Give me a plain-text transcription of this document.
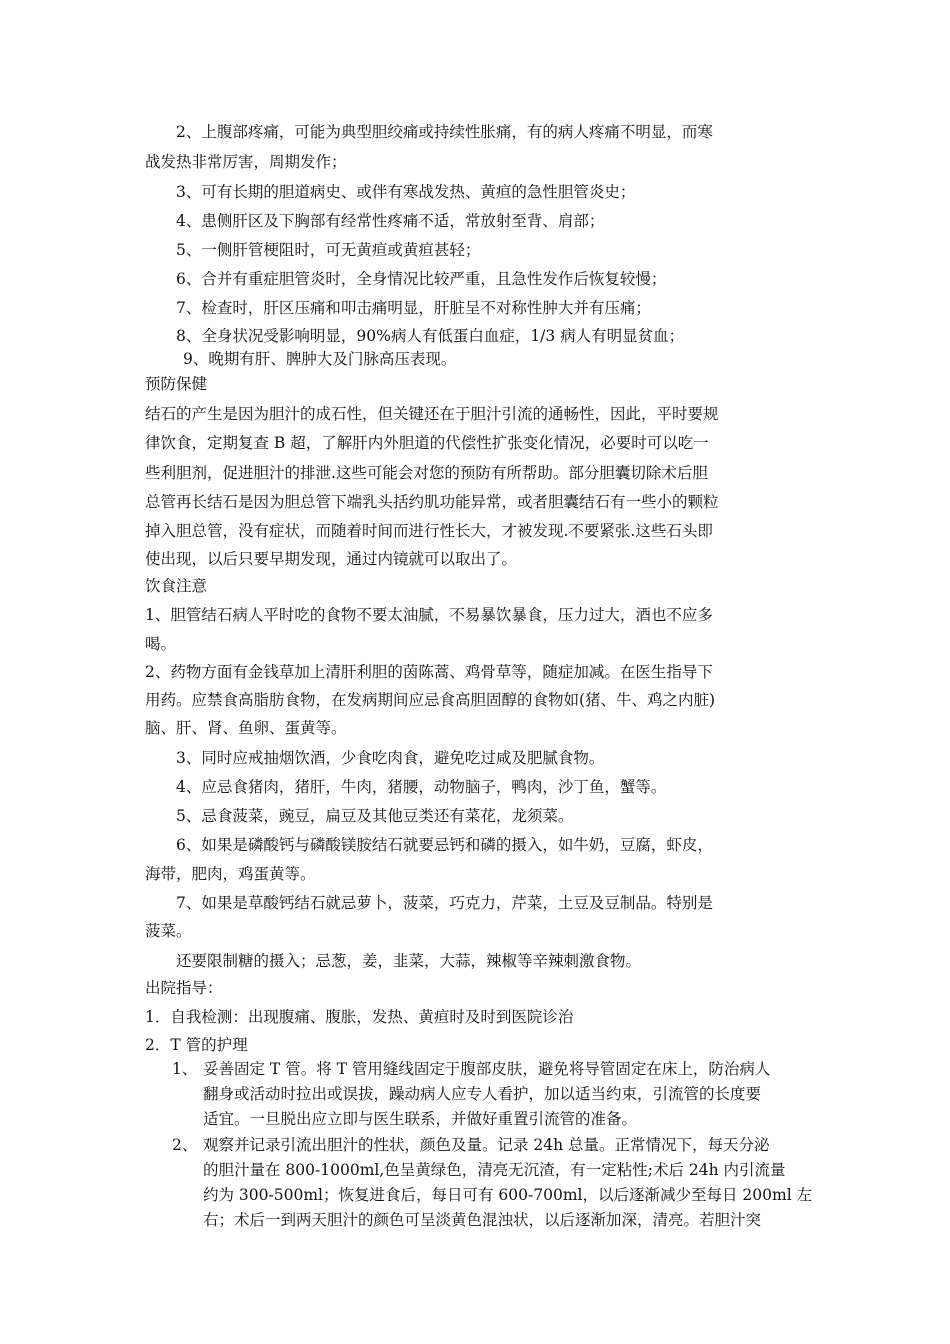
2、上腹部疼痛，可能为典型胆绞痛或持续性胀痛，有的病人疼痛不明显，而寒
战发热非常厉害，周期发作；
3、可有长期的胆道病史、或伴有寒战发热、黄疸的急性胆管炎史；
4、患侧肝区及下胸部有经常性疼痛不适，常放射至背、肩部；
5、一侧肝管梗阻时，可无黄疸或黄疸甚轻；
6、合并有重症胆管炎时，全身情况比较严重，且急性发作后恢复较慢；
7、检查时，肝区压痛和叩击痛明显，肝脏呈不对称性肿大并有压痛；
8、全身状况受影响明显，90%病人有低蛋白血症，1/3 病人有明显贫血；
9、晚期有肝、脾肿大及门脉高压表现。
预防保健
结石的产生是因为胆汁的成石性，但关键还在于胆汁引流的通畅性，因此，平时要规
律饮食，定期复查 B 超，了解肝内外胆道的代偿性扩张变化情况，必要时可以吃一
些利胆剂，促进胆汁的排泄.这些可能会对您的预防有所帮助。部分胆囊切除术后胆
总管再长结石是因为胆总管下端乳头括约肌功能异常，或者胆囊结石有一些小的颗粒
掉入胆总管，没有症状，而随着时间而进行性长大，才被发现.不要紧张.这些石头即
使出现，以后只要早期发现，通过内镜就可以取出了。
饮食注意
1、胆管结石病人平时吃的食物不要太油腻，不易暴饮暴食，压力过大，酒也不应多
喝。
2、药物方面有金钱草加上清肝利胆的茵陈蒿、鸡骨草等，随症加减。在医生指导下
用药。应禁食高脂肪食物，在发病期间应忌食高胆固醇的食物如(猪、牛、鸡之内脏)
脑、肝、肾、鱼卵、蛋黄等。
3、同时应戒抽烟饮酒，少食吃肉食，避免吃过咸及肥腻食物。
4、应忌食猪肉，猪肝，牛肉，猪腰，动物脑子，鸭肉，沙丁鱼，蟹等。
5、忌食菠菜，豌豆，扁豆及其他豆类还有菜花，龙须菜。
6、如果是磷酸钙与磷酸镁胺结石就要忌钙和磷的摄入，如牛奶，豆腐，虾皮，
海带，肥肉，鸡蛋黄等。
7、如果是草酸钙结石就忌萝卜，菠菜，巧克力，芹菜，土豆及豆制品。特别是
菠菜。
还要限制糖的摄入；忌葱，姜，韭菜，大蒜，辣椒等辛辣刺激食物。
出院指导：
1．自我检测：出现腹痛、腹胀，发热、黄疸时及时到医院诊治
2．T 管的护理
1、 妥善固定 T 管。将 T 管用缝线固定于腹部皮肤，避免将导管固定在床上，防治病人
翻身或活动时拉出或误拔，躁动病人应专人看护，加以适当约束，引流管的长度要
适宜。一旦脱出应立即与医生联系，并做好重置引流管的准备。
2、 观察并记录引流出胆汁的性状，颜色及量。记录 24h 总量。正常情况下，每天分泌
的胆汁量在 800-1000ml,色呈黄绿色，清亮无沉渣，有一定粘性;术后 24h 内引流量
约为 300-500ml；恢复进食后，每日可有 600-700ml，以后逐渐减少至每日 200ml 左
右；术后一到两天胆汁的颜色可呈淡黄色混浊状，以后逐渐加深，清亮。若胆汁突
